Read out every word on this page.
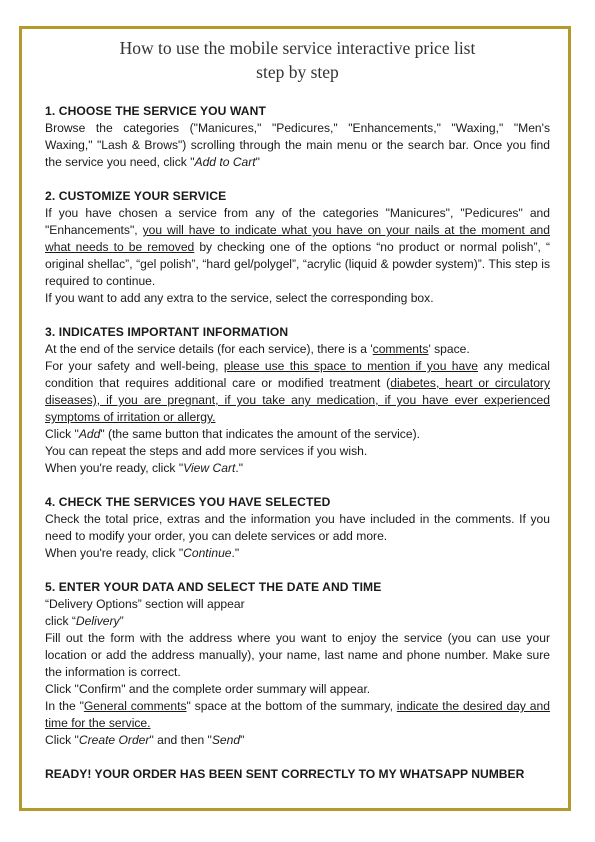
How to use the mobile service interactive price list
step by step
1. CHOOSE THE SERVICE YOU WANT
Browse the categories ("Manicures," "Pedicures," "Enhancements," "Waxing," "Men's Waxing," "Lash & Brows") scrolling through the main menu or the search bar. Once you find the service you need, click "Add to Cart"
2. CUSTOMIZE YOUR SERVICE
If you have chosen a service from any of the categories "Manicures", "Pedicures" and "Enhancements", you will have to indicate what you have on your nails at the moment and what needs to be removed by checking one of the options “no product or normal polish”, “ original shellac”, “gel polish”, “hard gel/polygel”, “acrylic (liquid & powder system)”. This step is required to continue.
If you want to add any extra to the service, select the corresponding box.
3. INDICATES IMPORTANT INFORMATION
At the end of the service details (for each service), there is a 'comments' space.
For your safety and well-being, please use this space to mention if you have any medical condition that requires additional care or modified treatment (diabetes, heart or circulatory diseases), if you are pregnant, if you take any medication, if you have ever experienced symptoms of irritation or allergy.
Click "Add" (the same button that indicates the amount of the service).
You can repeat the steps and add more services if you wish.
When you're ready, click "View Cart."
4. CHECK THE SERVICES YOU HAVE SELECTED
Check the total price, extras and the information you have included in the comments. If you need to modify your order, you can delete services or add more.
When you're ready, click "Continue."
5. ENTER YOUR DATA AND SELECT THE DATE AND TIME
“Delivery Options” section will appear
click “Delivery”
Fill out the form with the address where you want to enjoy the service (you can use your location or add the address manually), your name, last name and phone number. Make sure the information is correct.
Click "Confirm" and the complete order summary will appear.
In the "General comments" space at the bottom of the summary, indicate the desired day and time for the service.
Click "Create Order" and then "Send"
READY! YOUR ORDER HAS BEEN SENT CORRECTLY TO MY WHATSAPP NUMBER
